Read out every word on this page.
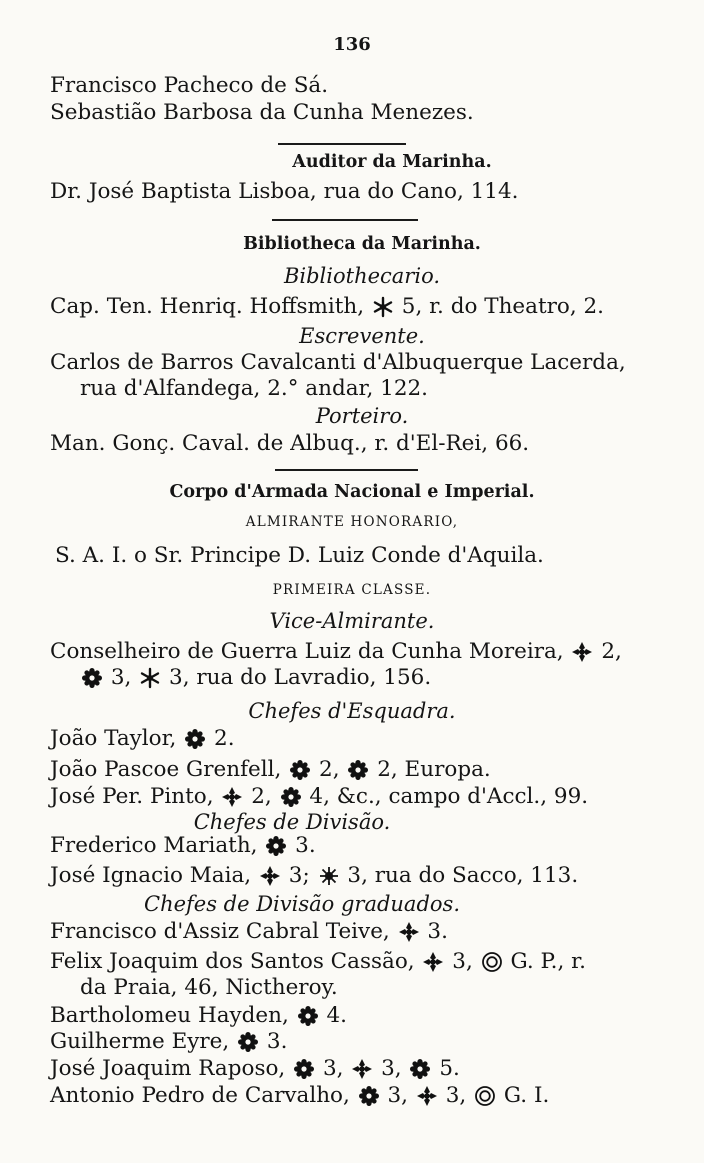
136
Francisco Pacheco de Sá.
Sebastião Barbosa da Cunha Menezes.
Auditor da Marinha.
Dr. José Baptista Lisboa, rua do Cano, 114.
Bibliotheca da Marinha.
Bibliothecario.
Cap. Ten. Henriq. Hoffsmith,
5, r. do Theatro, 2.
Escrevente.
Carlos de Barros Cavalcanti d'Albuquerque Lacerda,
rua d'Alfandega, 2.° andar, 122.
Porteiro.
Man. Gonç. Caval. de Albuq., r. d'El-Rei, 66.
Corpo d'Armada Nacional e Imperial.
ALMIRANTE HONORARIO,
S. A. I. o Sr. Principe D. Luiz Conde d'Aquila.
PRIMEIRA CLASSE.
Vice-Almirante.
Conselheiro de Guerra Luiz da Cunha Moreira,
2,
3,
3, rua do Lavradio, 156.
Chefes d'Esquadra.
João Taylor,
2.
João Pascoe Grenfell,
2,
2, Europa.
José Per. Pinto,
2,
4, &c., campo d'Accl., 99.
Chefes de Divisão.
Frederico Mariath,
3.
José Ignacio Maia,
3;
3, rua do Sacco, 113.
Chefes de Divisão graduados.
Francisco d'Assiz Cabral Teive,
3.
Felix Joaquim dos Santos Cassão,
3,
G. P., r.
da Praia, 46, Nictheroy.
Bartholomeu Hayden,
4.
Guilherme Eyre,
3.
José Joaquim Raposo,
3,
3,
5.
Antonio Pedro de Carvalho,
3,
3,
G. I.
